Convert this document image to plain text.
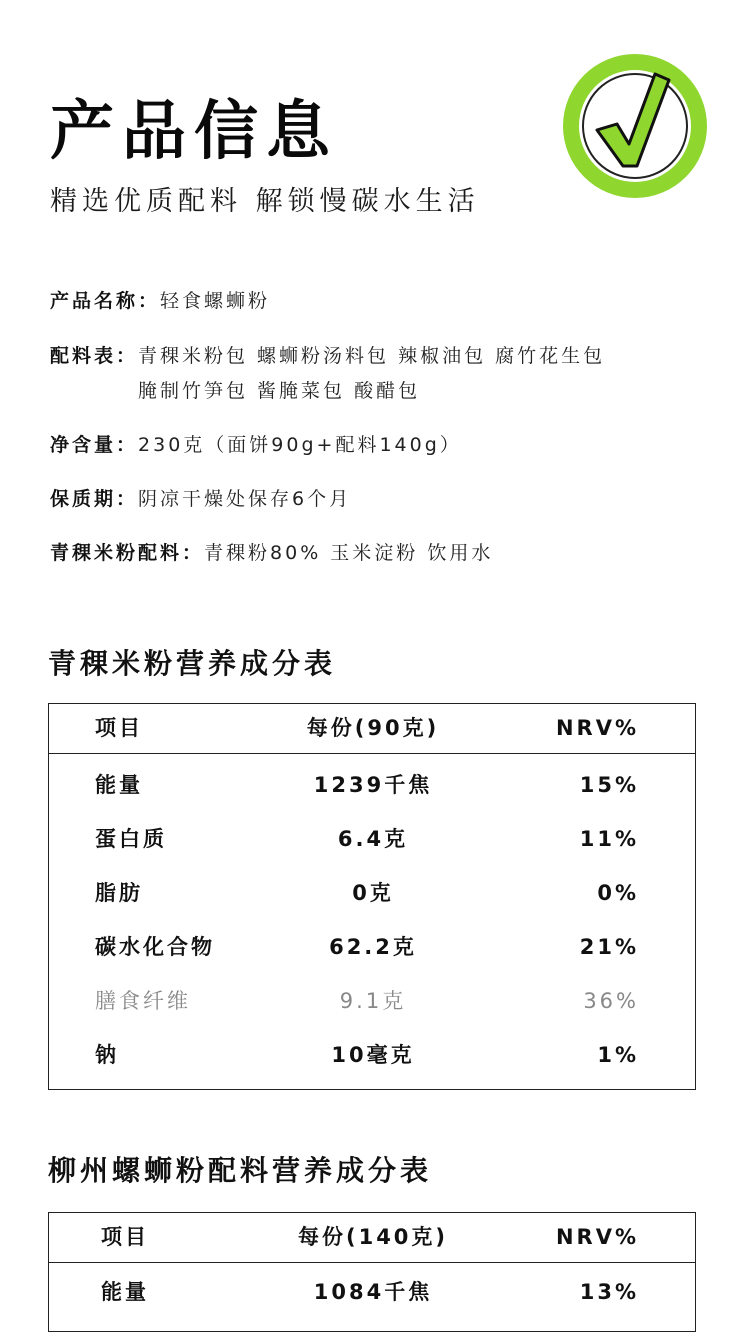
产品信息
精选优质配料 解锁慢碳水生活
产品名称： 轻食螺蛳粉
配料表： 青稞米粉包 螺蛳粉汤料包 辣椒油包 腐竹花生包
腌制竹笋包 酱腌菜包 酸醋包
净含量： 230克（面饼90g+配料140g）
保质期： 阴凉干燥处保存6个月
青稞米粉配料： 青稞粉80% 玉米淀粉 饮用水
青稞米粉营养成分表
项目	每份(90克)	NRV%
能量	1239千焦	15%
蛋白质	6.4克	11%
脂肪	0克	0%
碳水化合物	62.2克	21%
膳食纤维	9.1克	36%
钠	10毫克	1%
柳州螺蛳粉配料营养成分表
项目	每份(140克)	NRV%
能量	1084千焦	13%
